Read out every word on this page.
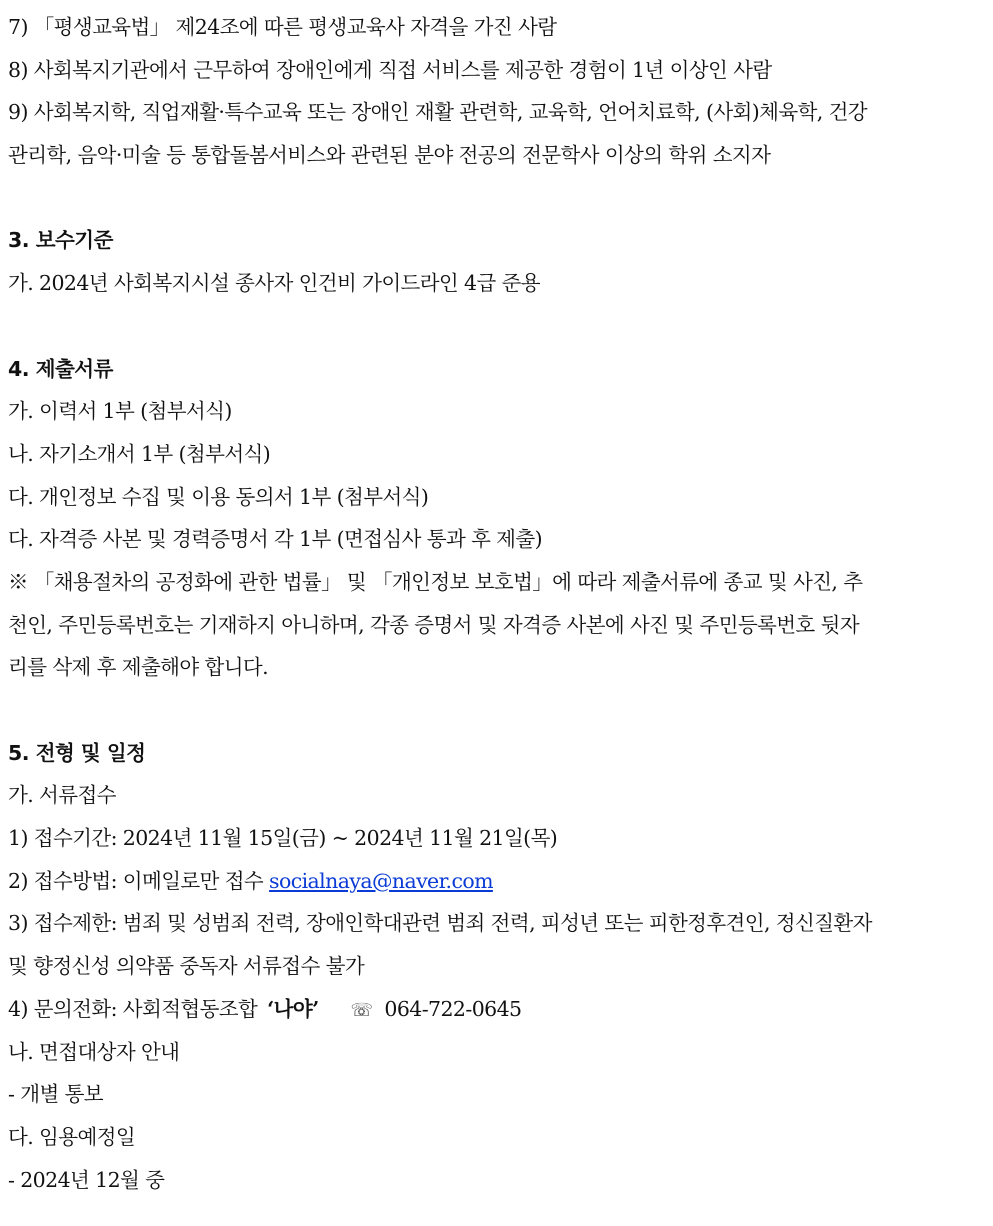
7) 「평생교육법」 제24조에 따른 평생교육사 자격을 가진 사람
8) 사회복지기관에서 근무하여 장애인에게 직접 서비스를 제공한 경험이 1년 이상인 사람
9) 사회복지학, 직업재활·특수교육 또는 장애인 재활 관련학, 교육학, 언어치료학, (사회)체육학, 건강
관리학, 음악·미술 등 통합돌봄서비스와 관련된 분야 전공의 전문학사 이상의 학위 소지자
3. 보수기준
가. 2024년 사회복지시설 종사자 인건비 가이드라인 4급 준용
4. 제출서류
가. 이력서 1부 (첨부서식)
나. 자기소개서 1부 (첨부서식)
다. 개인정보 수집 및 이용 동의서 1부 (첨부서식)
다. 자격증 사본 및 경력증명서 각 1부 (면접심사 통과 후 제출)
※ 「채용절차의 공정화에 관한 법률」 및 「개인정보 보호법」에 따라 제출서류에 종교 및 사진, 추
천인, 주민등록번호는 기재하지 아니하며, 각종 증명서 및 자격증 사본에 사진 및 주민등록번호 뒷자
리를 삭제 후 제출해야 합니다.
5. 전형 및 일정
가. 서류접수
1) 접수기간: 2024년 11월 15일(금) ~ 2024년 11월 21일(목)
2) 접수방법: 이메일로만 접수 socialnaya@naver.com
3) 접수제한: 범죄 및 성범죄 전력, 장애인학대관련 범죄 전력, 피성년 또는 피한정후견인, 정신질환자
및 향정신성 의약품 중독자 서류접수 불가
4) 문의전화: 사회적협동조합 ‘나야’ ☏ 064-722-0645
나. 면접대상자 안내
- 개별 통보
다. 임용예정일
- 2024년 12월 중
